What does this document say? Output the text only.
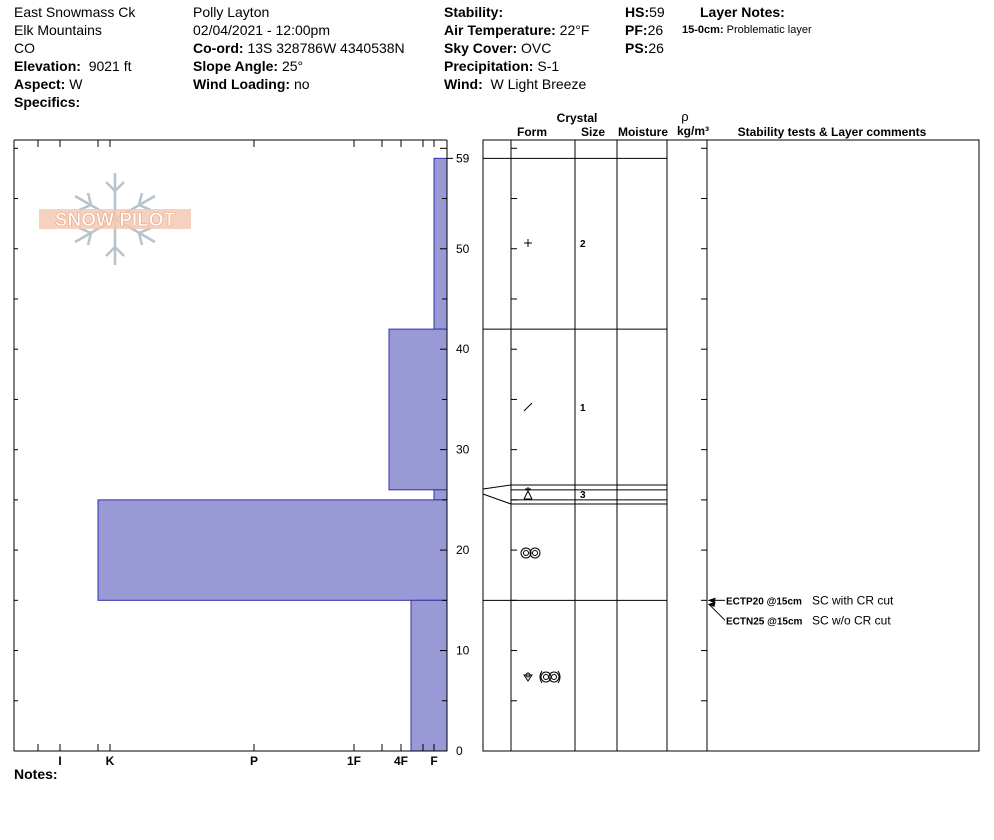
East Snowmass Ck
Elk Mountains
CO
Elevation: 9021 ft
Aspect: W
Specifics:
Polly Layton
02/04/2021 - 12:00pm
Co-ord: 13S 328786W 4340538N
Slope Angle: 25°
Wind Loading: no
Stability:
Air Temperature: 22°F
Sky Cover: OVC
Precipitation: S-1
Wind: W Light Breeze
HS:59
PF:26
PS:26
Layer Notes:
15-0cm: Problematic layer
Notes:
SNOW PILOT
59
0
10
20
30
40
50
I	K	P	1F	4F F
Crystal
Form	Size Moisture
ρ
kg/m³ Stability tests & Layer comments
2
1
3
ECTP20 @15cm SC with CR cut
ECTN25 @15cm SC w/o CR cut
